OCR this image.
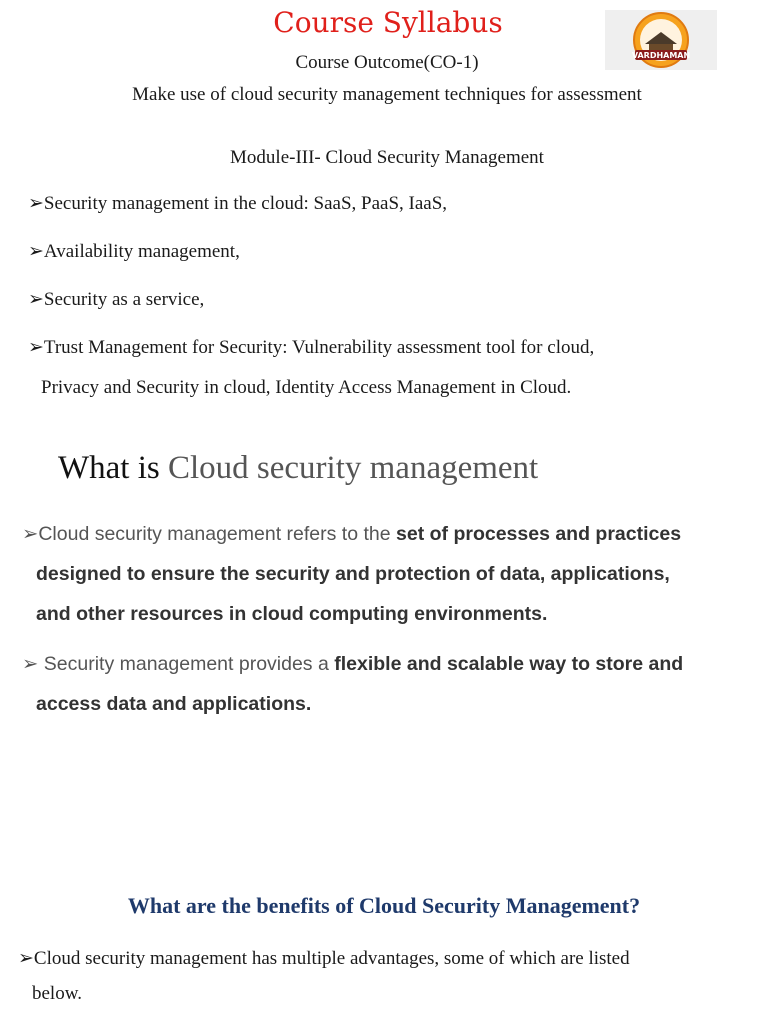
Course Syllabus
VARDHAMAN
Course Outcome(CO-1)
Make use of cloud security management techniques for assessment
Module-III- Cloud Security Management
➢Security management in the cloud: SaaS, PaaS, IaaS,
➢Availability management,
➢Security as a service,
➢Trust Management for Security: Vulnerability assessment tool for cloud,
Privacy and Security in cloud, Identity Access Management in Cloud.
What is Cloud security management
➢Cloud security management refers to the set of processes and practices
designed to ensure the security and protection of data, applications,
and other resources in cloud computing environments.
➢ Security management provides a flexible and scalable way to store and
access data and applications.
What are the benefits of Cloud Security Management?
➢Cloud security management has multiple advantages, some of which are listed
below.
